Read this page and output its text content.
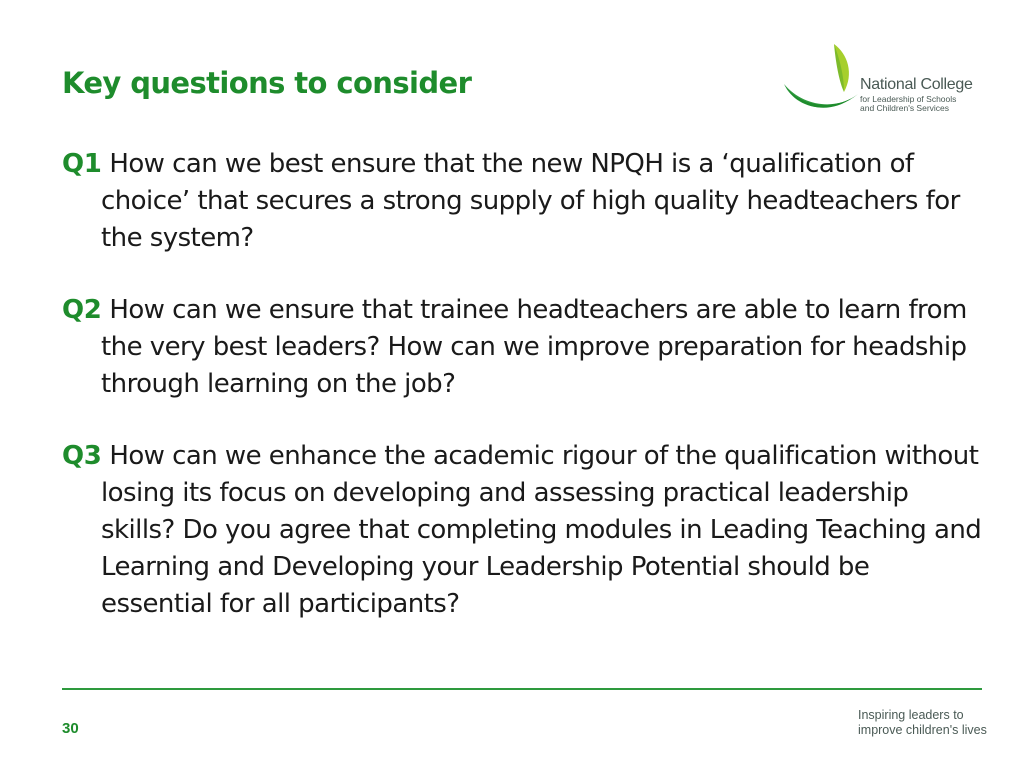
Key questions to consider	National College
for Leadership of Schools
and Children's Services

Q1 How can we best ensure that the new NPQH is a ‘qualification of choice’ that secures a strong supply of high quality headteachers for the system?

Q2 How can we ensure that trainee headteachers are able to learn from the very best leaders? How can we improve preparation for headship through learning on the job?

Q3 How can we enhance the academic rigour of the qualification without losing its focus on developing and assessing practical leadership skills? Do you agree that completing modules in Leading Teaching and Learning and Developing your Leadership Potential should be essential for all participants?

30
Inspiring leaders to
improve children's lives
